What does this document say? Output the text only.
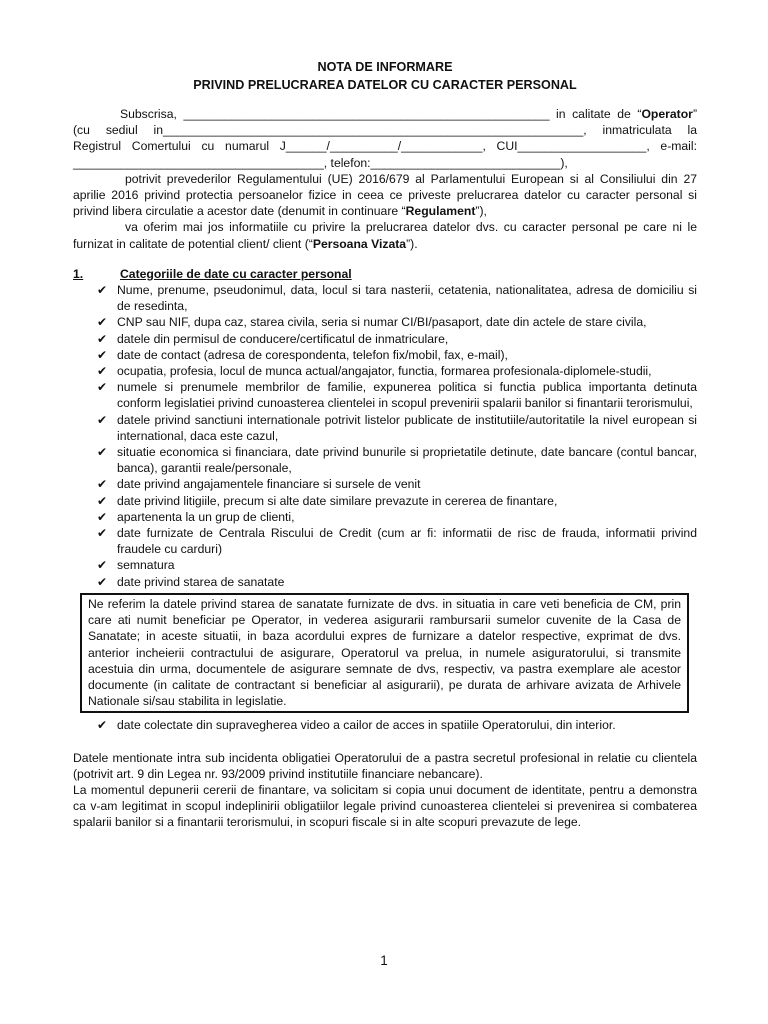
NOTA DE INFORMARE

PRIVIND PRELUCRAREA DATELOR CU CARACTER PERSONAL

Subscrisa, ______________________________________________________ in calitate de “Operator” (cu sediul in______________________________________________________________, inmatriculata la Registrul Comertului cu numarul J______/__________/____________, CUI___________________, e-mail: _____________________________________, telefon:____________________________),

potrivit prevederilor Regulamentului (UE) 2016/679 al Parlamentului European si al Consiliului din 27 aprilie 2016 privind protectia persoanelor fizice in ceea ce priveste prelucrarea datelor cu caracter personal si privind libera circulatie a acestor date (denumit in continuare “Regulament”),

va oferim mai jos informatiile cu privire la prelucrarea datelor dvs. cu caracter personal pe care ni le furnizat in calitate de potential client/ client (“Persoana Vizata”).

1.	Categoriile de date cu caracter personal
✔ Nume, prenume, pseudonimul, data, locul si tara nasterii, cetatenia, nationalitatea, adresa de domiciliu si de resedinta,
✔ CNP sau NIF, dupa caz, starea civila, seria si numar CI/BI/pasaport, date din actele de stare civila,
✔ datele din permisul de conducere/certificatul de inmatriculare,
✔ date de contact (adresa de corespondenta, telefon fix/mobil, fax, e-mail),
✔ ocupatia, profesia, locul de munca actual/angajator, functia, formarea profesionala-diplomele-studii,
✔ numele si prenumele membrilor de familie, expunerea politica si functia publica importanta detinuta conform legislatiei privind cunoasterea clientelei in scopul prevenirii spalarii banilor si finantarii terorismului,
✔ datele privind sanctiuni internationale potrivit listelor publicate de institutiile/autoritatile la nivel european si international, daca este cazul,
✔ situatie economica si financiara, date privind bunurile si proprietatile detinute, date bancare (contul bancar, banca), garantii reale/personale,
✔ date privind angajamentele financiare si sursele de venit
✔ date privind litigiile, precum si alte date similare prevazute in cererea de finantare,
✔ apartenenta la un grup de clienti,
✔ date furnizate de Centrala Riscului de Credit (cum ar fi: informatii de risc de frauda, informatii privind fraudele cu carduri)
✔ semnatura
✔ date privind starea de sanatate
Ne referim la datele privind starea de sanatate furnizate de dvs. in situatia in care veti beneficia de CM, prin care ati numit beneficiar pe Operator, in vederea asigurarii rambursarii sumelor cuvenite de la Casa de Sanatate; in aceste situatii, in baza acordului expres de furnizare a datelor respective, exprimat de dvs. anterior incheierii contractului de asigurare, Operatorul va prelua, in numele asiguratorului, si transmite acestuia din urma, documentele de asigurare semnate de dvs, respectiv, va pastra exemplare ale acestor documente (in calitate de contractant si beneficiar al asigurarii), pe durata de arhivare avizata de Arhivele Nationale si/sau stabilita in legislatie.
✔ date colectate din supravegherea video a cailor de acces in spatiile Operatorului, din interior.

Datele mentionate intra sub incidenta obligatiei Operatorului de a pastra secretul profesional in relatie cu clientela (potrivit art. 9 din Legea nr. 93/2009 privind institutiile financiare nebancare).

La momentul depunerii cererii de finantare, va solicitam si copia unui document de identitate, pentru a demonstra ca v-am legitimat in scopul indeplinirii obligatiilor legale privind cunoasterea clientelei si prevenirea si combaterea spalarii banilor si a finantarii terorismului, in scopuri fiscale si in alte scopuri prevazute de lege.

1
